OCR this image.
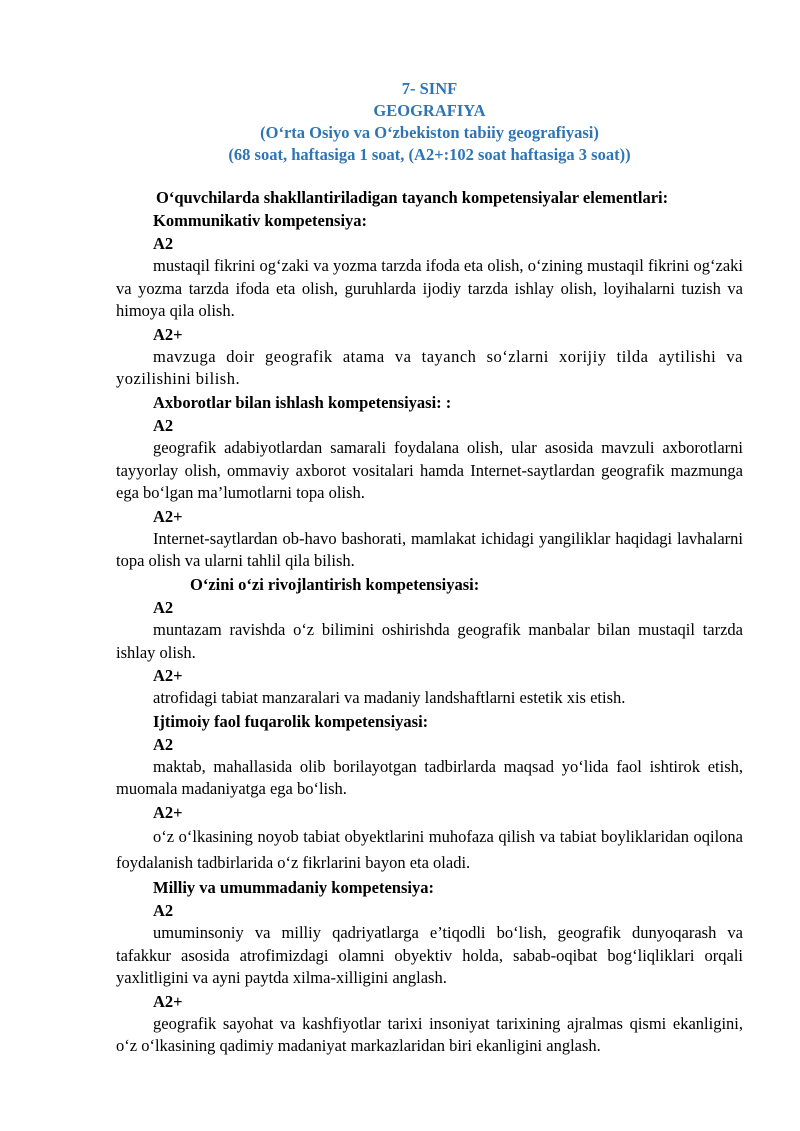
7- SINF
GEOGRAFIYA
(O‘rta Osiyo va O‘zbekiston tabiiy geografiyasi)
(68 soat, haftasiga 1 soat, (A2+:102 soat haftasiga 3 soat))
O‘quvchilarda shakllantiriladigan tayanch kompetensiyalar elementlari:
Kommunikativ kompetensiya:
A2
mustaqil fikrini og‘zaki va yozma tarzda ifoda eta olish, o‘zining mustaqil fikrini og‘zaki va yozma tarzda ifoda eta olish, guruhlarda ijodiy tarzda ishlay olish, loyihalarni tuzish va himoya qila olish.
A2+
mavzuga doir geografik atama va tayanch so‘zlarni xorijiy tilda aytilishi va yozilishini bilish.
Axborotlar bilan ishlash kompetensiyasi: :
A2
geografik adabiyotlardan samarali foydalana olish, ular asosida mavzuli axborotlarni tayyorlay olish, ommaviy axborot vositalari hamda Internet-saytlardan geografik mazmunga ega bo‘lgan ma’lumotlarni topa olish.
A2+
Internet-saytlardan ob-havo bashorati, mamlakat ichidagi yangiliklar haqidagi lavhalarni topa olish va ularni tahlil qila bilish.
O‘zini o‘zi rivojlantirish kompetensiyasi:
A2
muntazam ravishda o‘z bilimini oshirishda geografik manbalar bilan mustaqil tarzda ishlay olish.
A2+
atrofidagi tabiat manzaralari va madaniy landshaftlarni estetik xis etish.
Ijtimoiy faol fuqarolik kompetensiyasi:
A2
maktab, mahallasida olib borilayotgan tadbirlarda maqsad yo‘lida faol ishtirok etish, muomala madaniyatga ega bo‘lish.
A2+
o‘z o‘lkasining noyob tabiat obyektlarini muhofaza qilish va tabiat boyliklaridan oqilona foydalanish tadbirlarida o‘z fikrlarini bayon eta oladi.
Milliy va umummadaniy kompetensiya:
A2
umuminsoniy va milliy qadriyatlarga e’tiqodli bo‘lish, geografik dunyoqarash va tafakkur asosida atrofimizdagi olamni obyektiv holda, sabab-oqibat bog‘liqliklari orqali yaxlitligini va ayni paytda xilma-xilligini anglash.
A2+
geografik sayohat va kashfiyotlar tarixi insoniyat tarixining ajralmas qismi ekanligini, o‘z o‘lkasining qadimiy madaniyat markazlaridan biri ekanligini anglash.
